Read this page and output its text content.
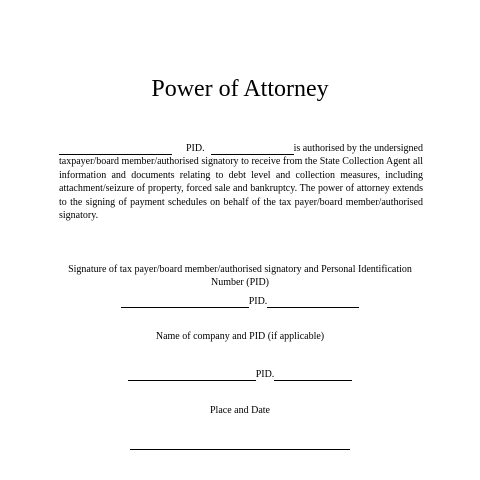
Power of Attorney
PID.	is authorised by the undersigned
taxpayer/board member/authorised signatory to receive from the State Collection Agent all information and documents relating to debt level and collection measures, including attachment/seizure of property, forced sale and bankruptcy. The power of attorney extends to the signing of payment schedules on behalf of the tax payer/board member/authorised signatory.
Signature of tax payer/board member/authorised signatory and Personal Identification Number (PID)
PID.
Name of company and PID (if applicable)
PID.
Place and Date
